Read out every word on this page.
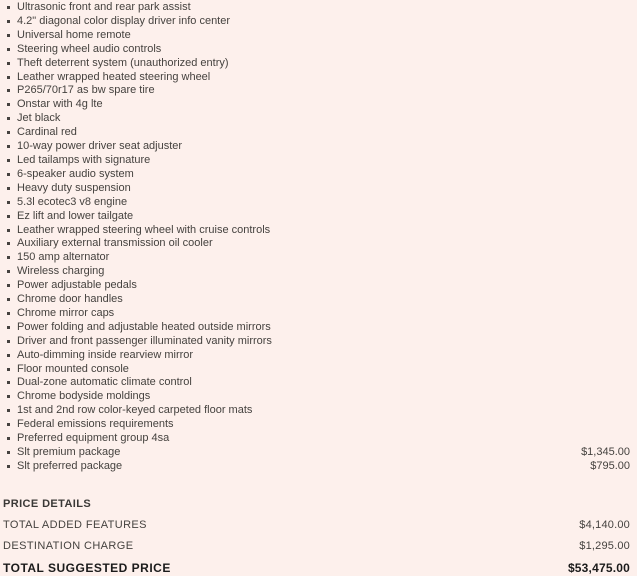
Ultrasonic front and rear park assist
4.2" diagonal color display driver info center
Universal home remote
Steering wheel audio controls
Theft deterrent system (unauthorized entry)
Leather wrapped heated steering wheel
P265/70r17 as bw spare tire
Onstar with 4g lte
Jet black
Cardinal red
10-way power driver seat adjuster
Led tailamps with signature
6-speaker audio system
Heavy duty suspension
5.3l ecotec3 v8 engine
Ez lift and lower tailgate
Leather wrapped steering wheel with cruise controls
Auxiliary external transmission oil cooler
150 amp alternator
Wireless charging
Power adjustable pedals
Chrome door handles
Chrome mirror caps
Power folding and adjustable heated outside mirrors
Driver and front passenger illuminated vanity mirrors
Auto-dimming inside rearview mirror
Floor mounted console
Dual-zone automatic climate control
Chrome bodyside moldings
1st and 2nd row color-keyed carpeted floor mats
Federal emissions requirements
Preferred equipment group 4sa
Slt premium package	$1,345.00
Slt preferred package	$795.00
PRICE DETAILS
TOTAL ADDED FEATURES	$4,140.00
DESTINATION CHARGE	$1,295.00
TOTAL SUGGESTED PRICE	$53,475.00
